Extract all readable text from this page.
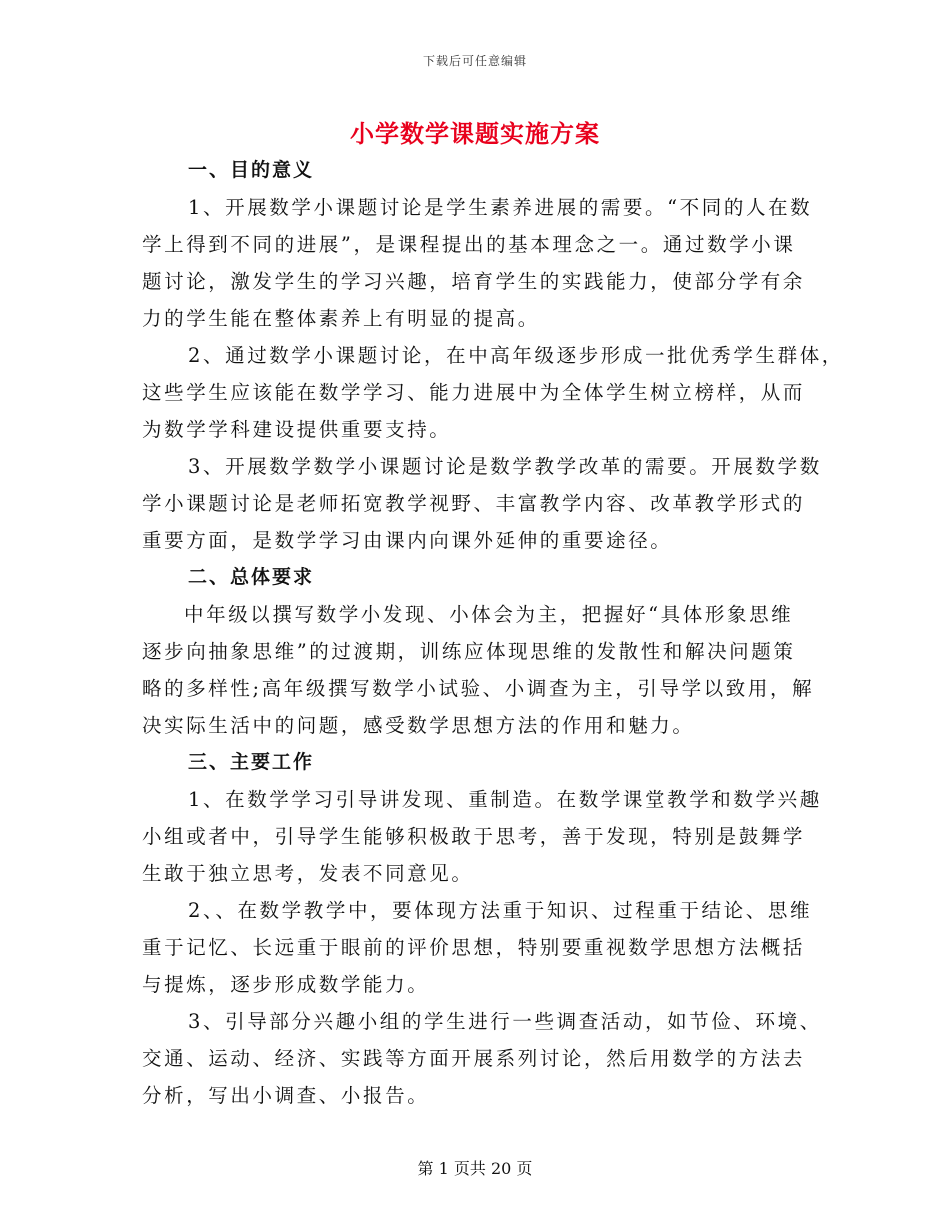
下载后可任意编辑
小学数学课题实施方案
一、目的意义
1、开展数学小课题讨论是学生素养进展的需要。“不同的人在数
学上得到不同的进展”，是课程提出的基本理念之一。通过数学小课
题讨论，激发学生的学习兴趣，培育学生的实践能力，使部分学有余
力的学生能在整体素养上有明显的提高。
2、通过数学小课题讨论，在中高年级逐步形成一批优秀学生群体，
这些学生应该能在数学学习、能力进展中为全体学生树立榜样，从而
为数学学科建设提供重要支持。
3、开展数学数学小课题讨论是数学教学改革的需要。开展数学数
学小课题讨论是老师拓宽教学视野、丰富教学内容、改革教学形式的
重要方面，是数学学习由课内向课外延伸的重要途径。
二、总体要求
中年级以撰写数学小发现、小体会为主，把握好“具体形象思维
逐步向抽象思维”的过渡期，训练应体现思维的发散性和解决问题策
略的多样性;高年级撰写数学小试验、小调查为主，引导学以致用，解
决实际生活中的问题，感受数学思想方法的作用和魅力。
三、主要工作
1、在数学学习引导讲发现、重制造。在数学课堂教学和数学兴趣
小组或者中，引导学生能够积极敢于思考，善于发现，特别是鼓舞学
生敢于独立思考，发表不同意见。
2、、在数学教学中，要体现方法重于知识、过程重于结论、思维
重于记忆、长远重于眼前的评价思想，特别要重视数学思想方法概括
与提炼，逐步形成数学能力。
3、引导部分兴趣小组的学生进行一些调查活动，如节俭、环境、
交通、运动、经济、实践等方面开展系列讨论，然后用数学的方法去
分析，写出小调查、小报告。
第 1 页共 20 页
